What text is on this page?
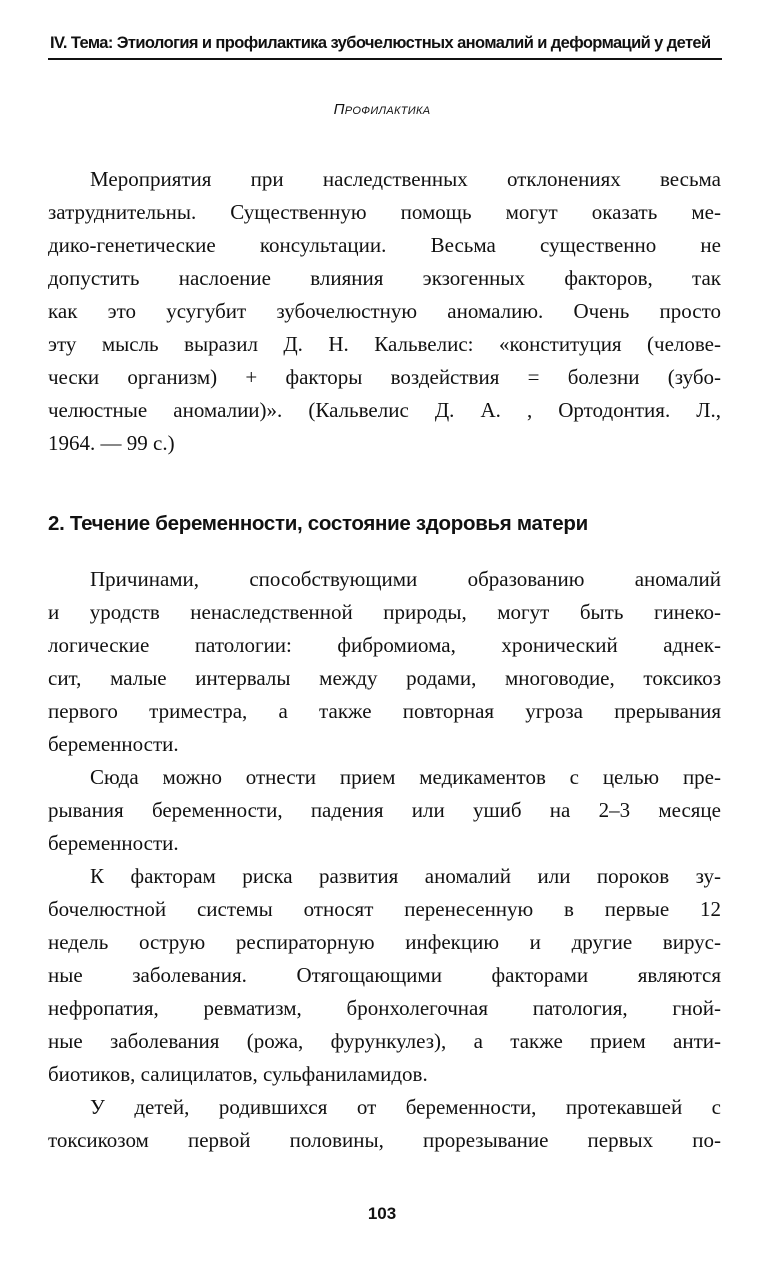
IV. Тема: Этиология и профилактика зубочелюстных аномалий и деформаций у детей
Профилактика
Мероприятия при наследственных отклонениях весьма
затруднительны. Существенную помощь могут оказать ме-
дико-генетические консультации. Весьма существенно не
допустить наслоение влияния экзогенных факторов, так
как это усугубит зубочелюстную аномалию. Очень просто
эту мысль выразил Д. Н. Кальвелис: «конституция (челове-
чески организм) + факторы воздействия = болезни (зубо-
челюстные аномалии)». (Кальвелис Д. А. , Ортодонтия. Л.,
1964. — 99 с.)
2. Течение беременности, состояние здоровья матери
Причинами, способствующими образованию аномалий
и уродств ненаследственной природы, могут быть гинеко-
логические патологии: фибромиома, хронический аднек-
сит, малые интервалы между родами, многоводие, токсикоз
первого триместра, а также повторная угроза прерывания
беременности.
Сюда можно отнести прием медикаментов с целью пре-
рывания беременности, падения или ушиб на 2–3 месяце
беременности.
К факторам риска развития аномалий или пороков зу-
бочелюстной системы относят перенесенную в первые 12
недель острую респираторную инфекцию и другие вирус-
ные заболевания. Отягощающими факторами являются
нефропатия, ревматизм, бронхолегочная патология, гной-
ные заболевания (рожа, фурункулез), а также прием анти-
биотиков, салицилатов, сульфаниламидов.
У детей, родившихся от беременности, протекавшей с
токсикозом первой половины, прорезывание первых по-
103
